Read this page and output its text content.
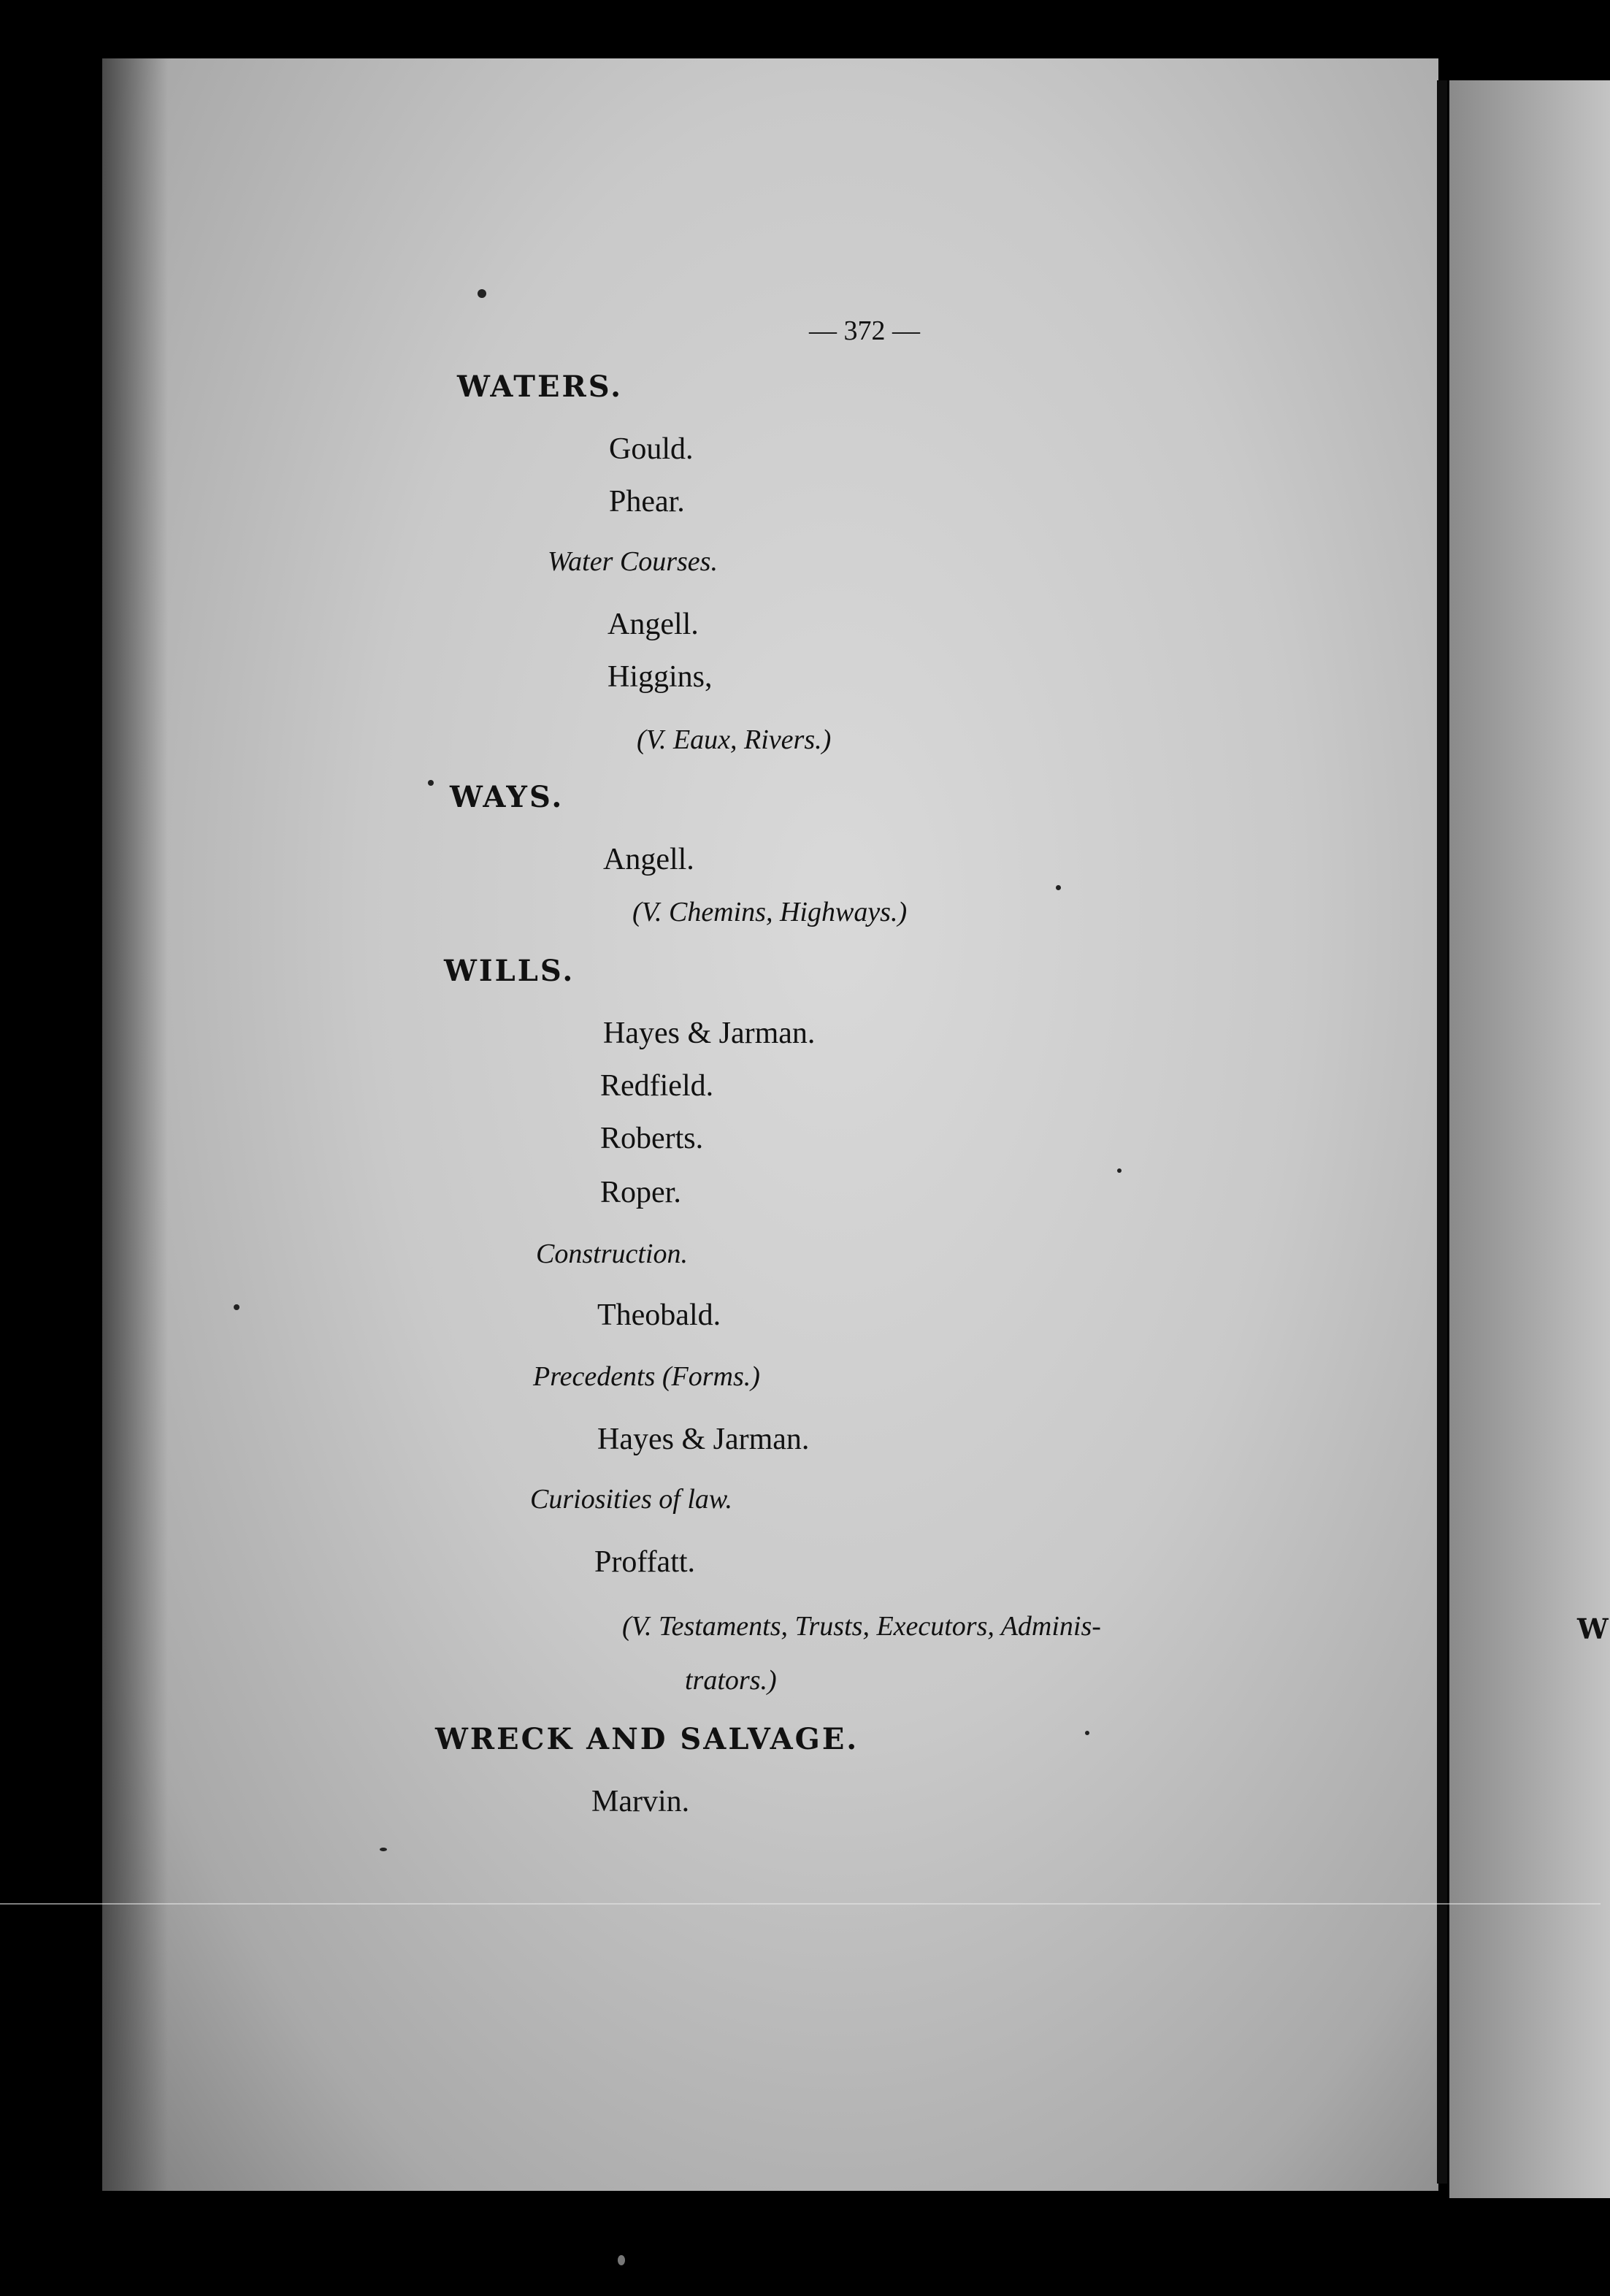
— 372 —
WATERS.
Gould.
Phear.
Water Courses.
Angell.
Higgins,
(V. Eaux, Rivers.)
WAYS.
Angell.
(V. Chemins, Highways.)
WILLS.
Hayes & Jarman.
Redfield.
Roberts.
Roper.
Construction.
Theobald.
Precedents (Forms.)
Hayes & Jarman.
Curiosities of law.
Proffatt.
(V. Testaments, Trusts, Executors, Adminis-
trators.)
WRECK AND SALVAGE.
Marvin.
W
